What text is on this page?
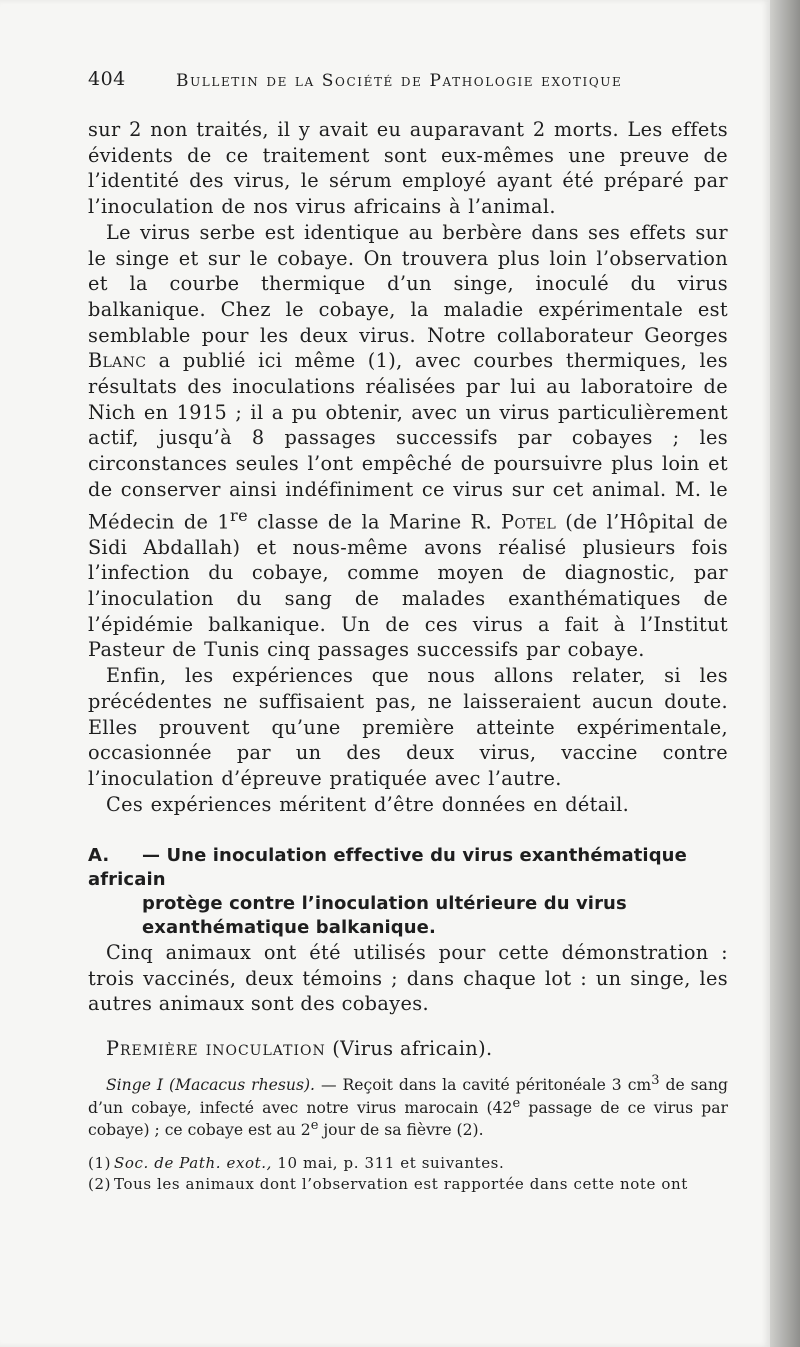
404	Bulletin de la Société de Pathologie exotique

sur 2 non traités, il y avait eu auparavant 2 morts. Les effets évidents de ce traitement sont eux-mêmes une preuve de l’identité des virus, le sérum employé ayant été préparé par l’inoculation de nos virus africains à l’animal.

Le virus serbe est identique au berbère dans ses effets sur le singe et sur le cobaye. On trouvera plus loin l’observation et la courbe thermique d’un singe, inoculé du virus balkanique. Chez le cobaye, la maladie expérimentale est semblable pour les deux virus. Notre collaborateur Georges Blanc a publié ici même (1), avec courbes thermiques, les résultats des inoculations réalisées par lui au laboratoire de Nich en 1915 ; il a pu obtenir, avec un virus particulièrement actif, jusqu’à 8 passages successifs par cobayes ; les circonstances seules l’ont empêché de poursuivre plus loin et de conserver ainsi indéfiniment ce virus sur cet animal. M. le Médecin de 1re classe de la Marine R. Potel (de l’Hôpital de Sidi Abdallah) et nous-même avons réalisé plusieurs fois l’infection du cobaye, comme moyen de diagnostic, par l’inoculation du sang de malades exanthématiques de l’épidémie balkanique. Un de ces virus a fait à l’Institut Pasteur de Tunis cinq passages successifs par cobaye.

Enfin, les expériences que nous allons relater, si les précédentes ne suffisaient pas, ne laisseraient aucun doute. Elles prouvent qu’une première atteinte expérimentale, occasionnée par un des deux virus, vaccine contre l’inoculation d’épreuve pratiquée avec l’autre.

Ces expériences méritent d’être données en détail.

A. — Une inoculation effective du virus exanthématique africain
protège contre l’inoculation ultérieure du virus exanthématique balkanique.

Cinq animaux ont été utilisés pour cette démonstration : trois vaccinés, deux témoins ; dans chaque lot : un singe, les autres animaux sont des cobayes.

Première inoculation (Virus africain).

Singe I (Macacus rhesus). — Reçoit dans la cavité péritonéale 3 $cm^3$ de sang d’un cobaye, infecté avec notre virus marocain (42e passage de ce virus par cobaye) ; ce cobaye est au 2e jour de sa fièvre (2).

(1) Soc. de Path. exot., 10 mai, p. 311 et suivantes.
(2) Tous les animaux dont l’observation est rapportée dans cette note ont
